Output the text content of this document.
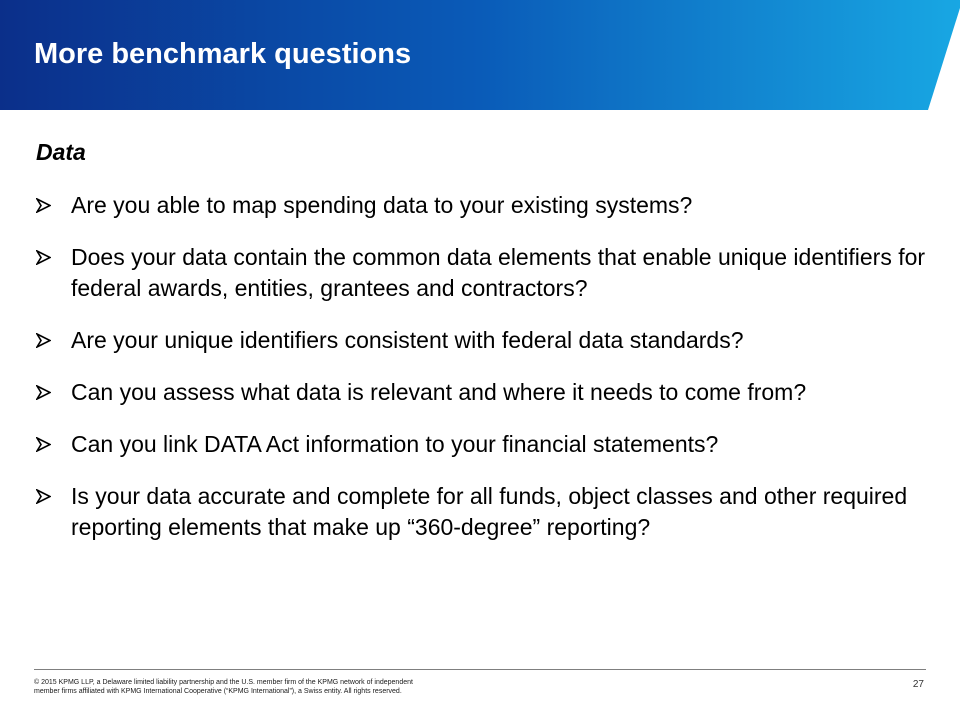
More benchmark questions
Data
Are you able to map spending data to your existing systems?
Does your data contain the common data elements that enable unique identifiers for federal awards, entities, grantees and contractors?
Are your unique identifiers consistent with federal data standards?
Can you assess what data is relevant and where it needs to come from?
Can you link DATA Act information to your financial statements?
Is your data accurate and complete for all funds, object classes and other required reporting elements that make up “360-degree” reporting?

© 2015 KPMG LLP, a Delaware limited liability partnership and the U.S. member firm of the KPMG network of independent
member firms affiliated with KPMG International Cooperative (“KPMG International”), a Swiss entity. All rights reserved.

27
